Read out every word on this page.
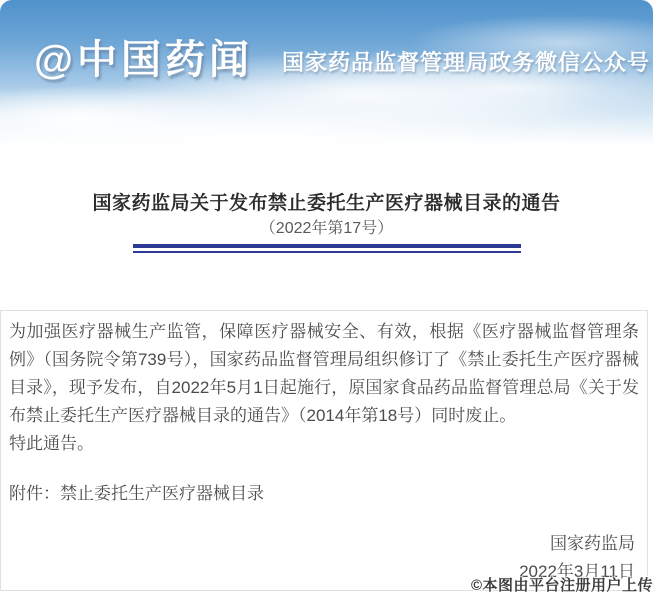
@中国药闻 国家药品监督管理局政务微信公众号
国家药监局关于发布禁止委托生产医疗器械目录的通告
（2022年第17号）

为加强医疗器械生产监管，保障医疗器械安全、有效，根据《医疗器械监督管理条例》（国务院令第739号），国家药品监督管理局组织修订了《禁止委托生产医疗器械目录》，现予发布，自2022年5月1日起施行，原国家食品药品监督管理总局《关于发布禁止委托生产医疗器械目录的通告》（2014年第18号）同时废止。

特此通告。

附件：禁止委托生产医疗器械目录

国家药监局
2022年3月11日
©本图由平台注册用户上传
